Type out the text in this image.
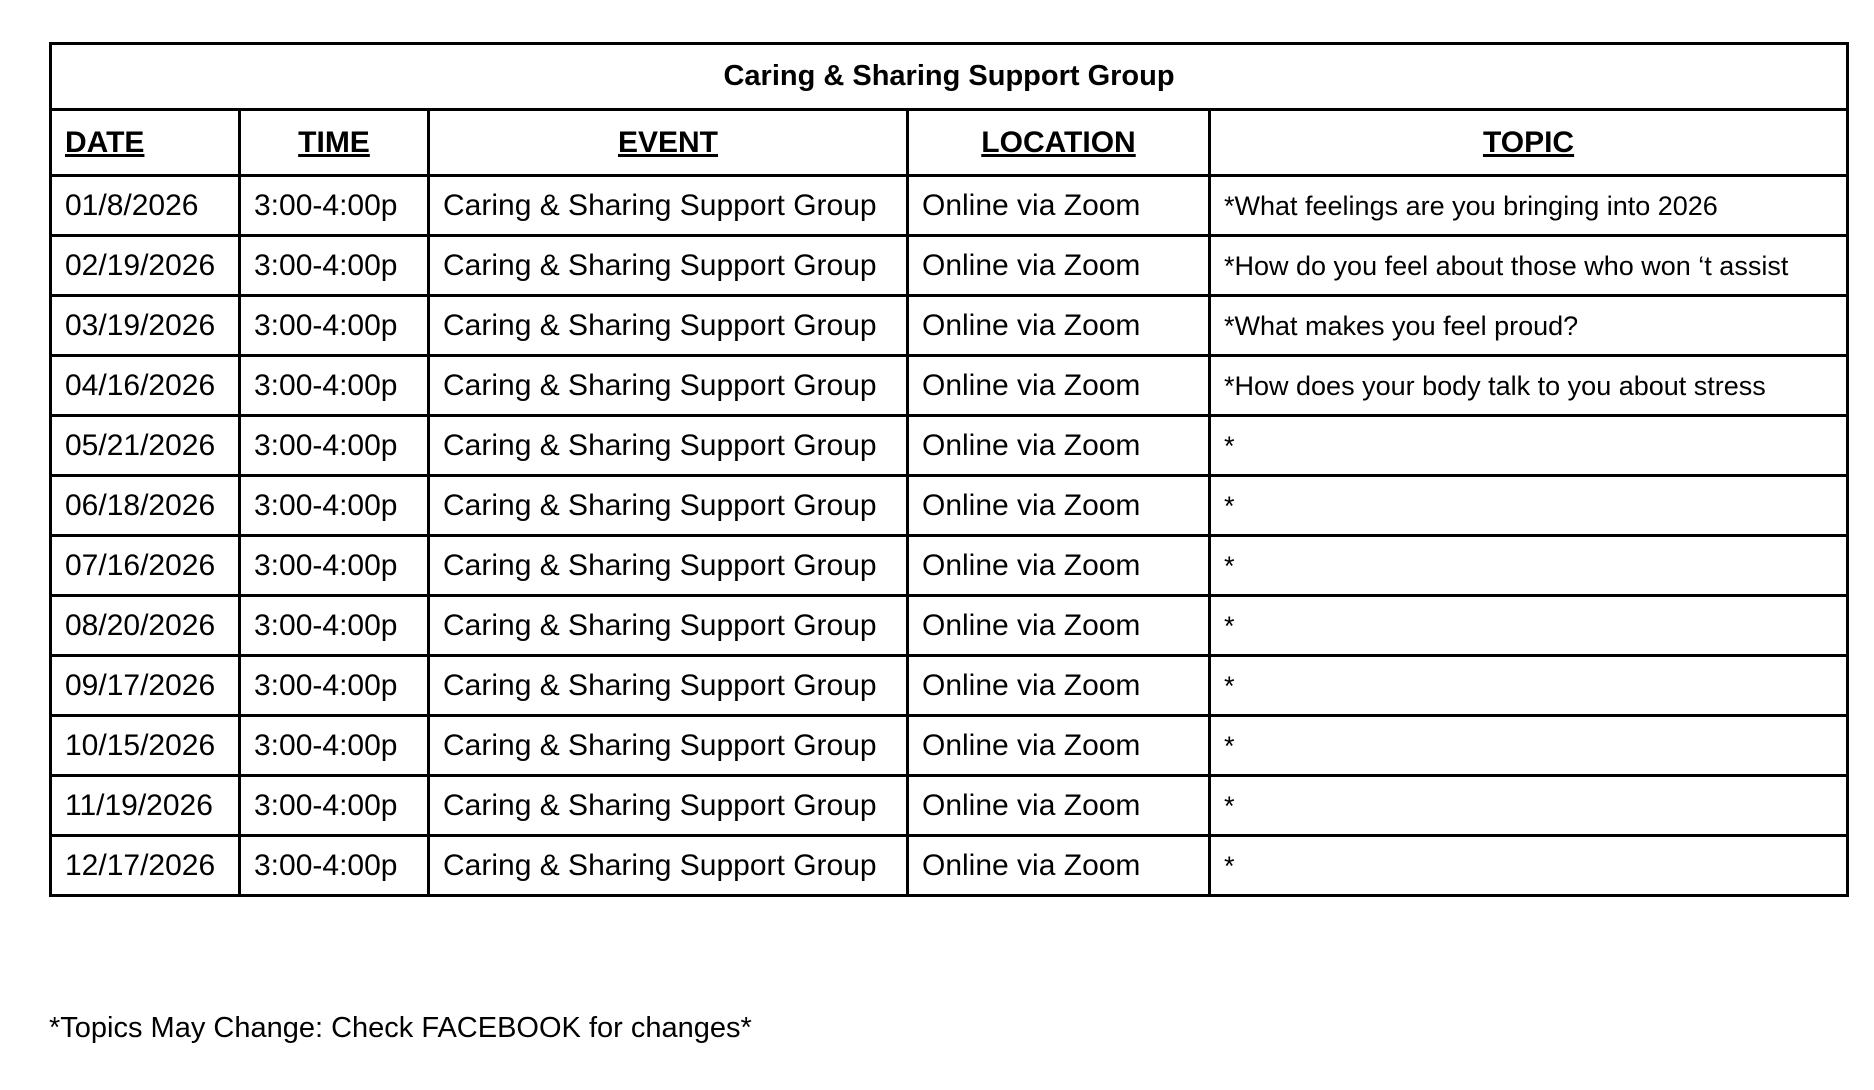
Caring & Sharing Support Group				
DATE	TIME	EVENT	LOCATION	TOPIC
01/8/2026	3:00-4:00p	Caring & Sharing Support Group	Online via Zoom	*What feelings are you bringing into 2026
02/19/2026	3:00-4:00p	Caring & Sharing Support Group	Online via Zoom	*How do you feel about those who won ‘t assist
03/19/2026	3:00-4:00p	Caring & Sharing Support Group	Online via Zoom	*What makes you feel proud?
04/16/2026	3:00-4:00p	Caring & Sharing Support Group	Online via Zoom	*How does your body talk to you about stress
05/21/2026	3:00-4:00p	Caring & Sharing Support Group	Online via Zoom	*
06/18/2026	3:00-4:00p	Caring & Sharing Support Group	Online via Zoom	*
07/16/2026	3:00-4:00p	Caring & Sharing Support Group	Online via Zoom	*
08/20/2026	3:00-4:00p	Caring & Sharing Support Group	Online via Zoom	*
09/17/2026	3:00-4:00p	Caring & Sharing Support Group	Online via Zoom	*
10/15/2026	3:00-4:00p	Caring & Sharing Support Group	Online via Zoom	*
11/19/2026	3:00-4:00p	Caring & Sharing Support Group	Online via Zoom	*
12/17/2026	3:00-4:00p	Caring & Sharing Support Group	Online via Zoom	*
*Topics May Change: Check FACEBOOK for changes*
